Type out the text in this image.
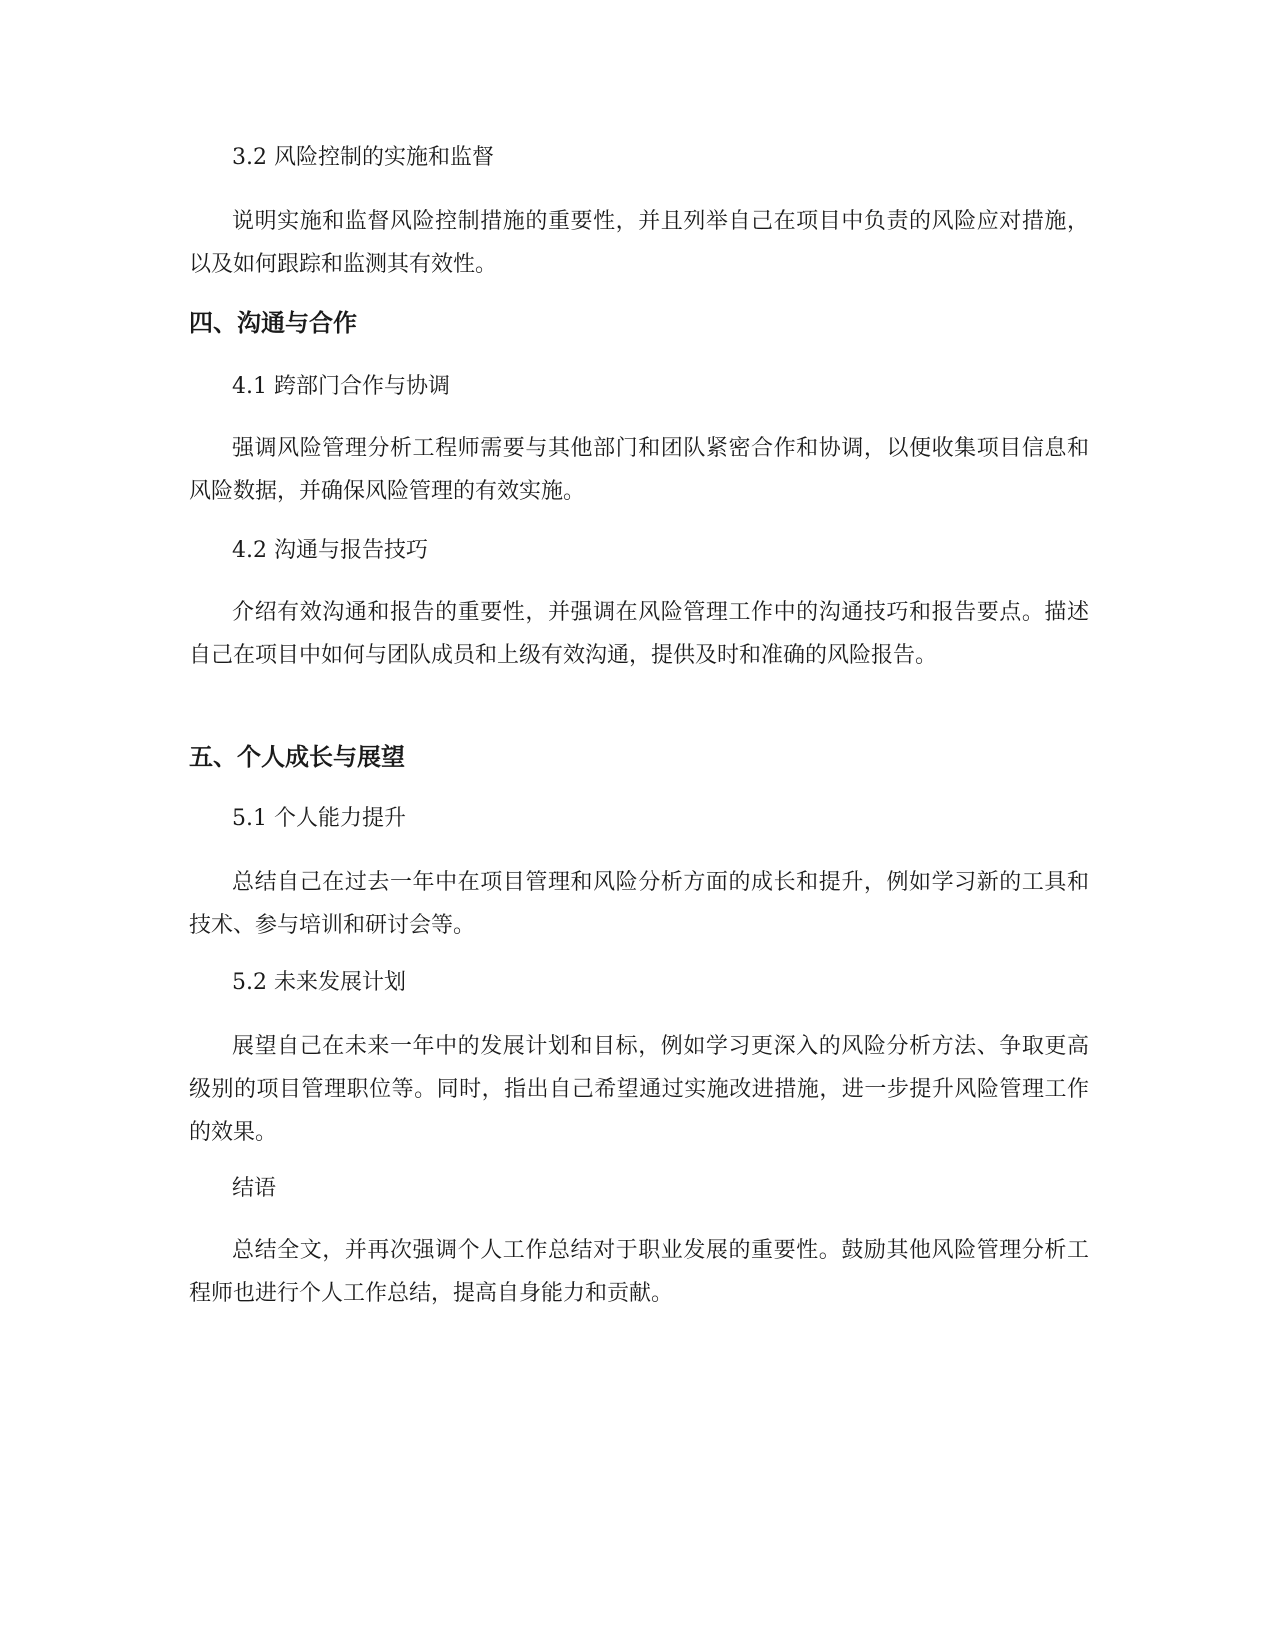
3.2 风险控制的实施和监督

说明实施和监督风险控制措施的重要性，并且列举自己在项目中负责的风险应对措施，以及如何跟踪和监测其有效性。

四、沟通与合作

4.1 跨部门合作与协调

强调风险管理分析工程师需要与其他部门和团队紧密合作和协调，以便收集项目信息和风险数据，并确保风险管理的有效实施。

4.2 沟通与报告技巧

介绍有效沟通和报告的重要性，并强调在风险管理工作中的沟通技巧和报告要点。描述自己在项目中如何与团队成员和上级有效沟通，提供及时和准确的风险报告。

五、个人成长与展望

5.1 个人能力提升

总结自己在过去一年中在项目管理和风险分析方面的成长和提升，例如学习新的工具和技术、参与培训和研讨会等。

5.2 未来发展计划

展望自己在未来一年中的发展计划和目标，例如学习更深入的风险分析方法、争取更高级别的项目管理职位等。同时，指出自己希望通过实施改进措施，进一步提升风险管理工作的效果。

结语

总结全文，并再次强调个人工作总结对于职业发展的重要性。鼓励其他风险管理分析工程师也进行个人工作总结，提高自身能力和贡献。
